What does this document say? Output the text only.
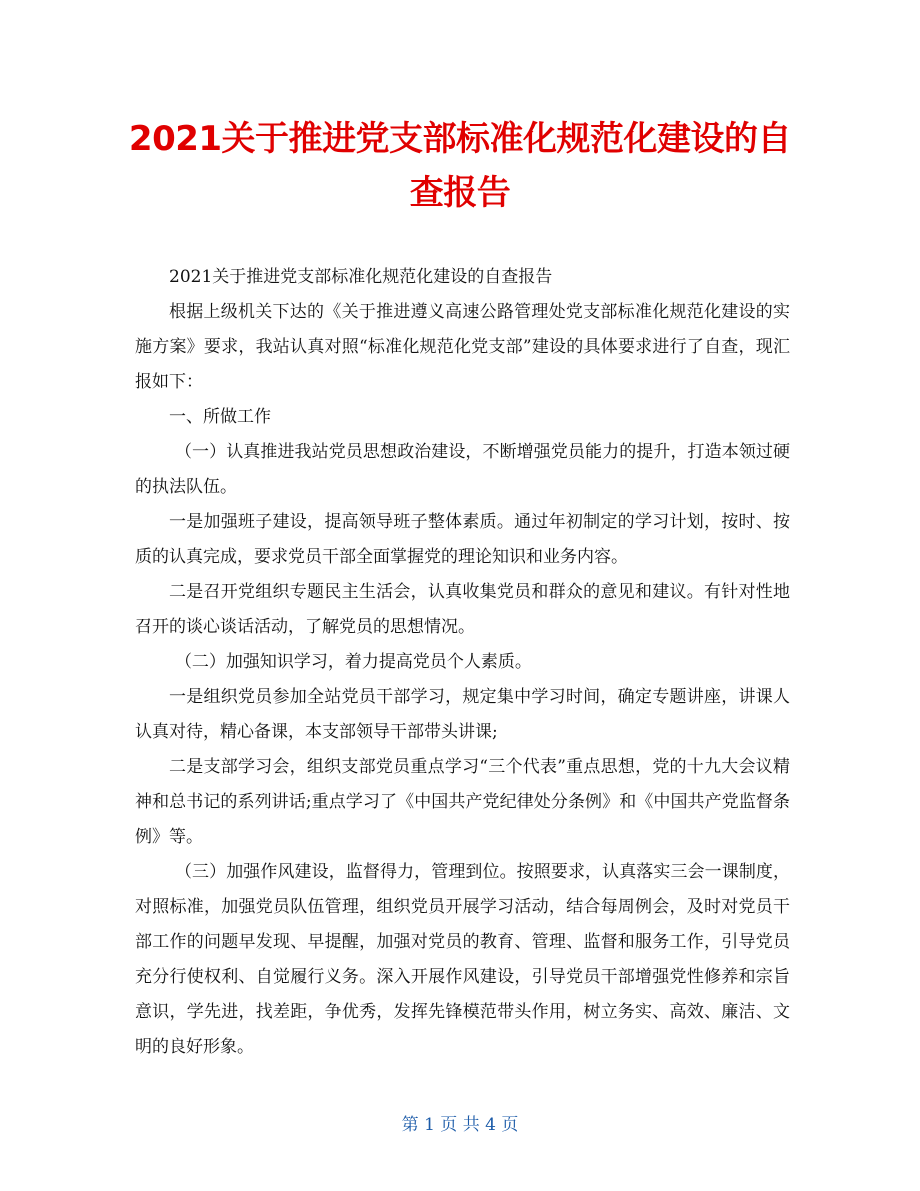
2021关于推进党支部标准化规范化建设的自查报告

2021关于推进党支部标准化规范化建设的自查报告

根据上级机关下达的《关于推进遵义高速公路管理处党支部标准化规范化建设的实施方案》要求，我站认真对照“标准化规范化党支部”建设的具体要求进行了自查，现汇报如下：

一、所做工作

（一）认真推进我站党员思想政治建设，不断增强党员能力的提升，打造本领过硬的执法队伍。

一是加强班子建设，提高领导班子整体素质。通过年初制定的学习计划，按时、按质的认真完成，要求党员干部全面掌握党的理论知识和业务内容。

二是召开党组织专题民主生活会，认真收集党员和群众的意见和建议。有针对性地召开的谈心谈话活动，了解党员的思想情况。

（二）加强知识学习，着力提高党员个人素质。

一是组织党员参加全站党员干部学习，规定集中学习时间，确定专题讲座，讲课人认真对待，精心备课，本支部领导干部带头讲课;

二是支部学习会，组织支部党员重点学习“三个代表”重点思想，党的十九大会议精神和总书记的系列讲话;重点学习了《中国共产党纪律处分条例》和《中国共产党监督条例》等。

（三）加强作风建设，监督得力，管理到位。按照要求，认真落实三会一课制度，对照标准，加强党员队伍管理，组织党员开展学习活动，结合每周例会，及时对党员干部工作的问题早发现、早提醒，加强对党员的教育、管理、监督和服务工作，引导党员充分行使权利、自觉履行义务。深入开展作风建设，引导党员干部增强党性修养和宗旨意识，学先进，找差距，争优秀，发挥先锋模范带头作用，树立务实、高效、廉洁、文明的良好形象。

第 1 页 共 4 页
